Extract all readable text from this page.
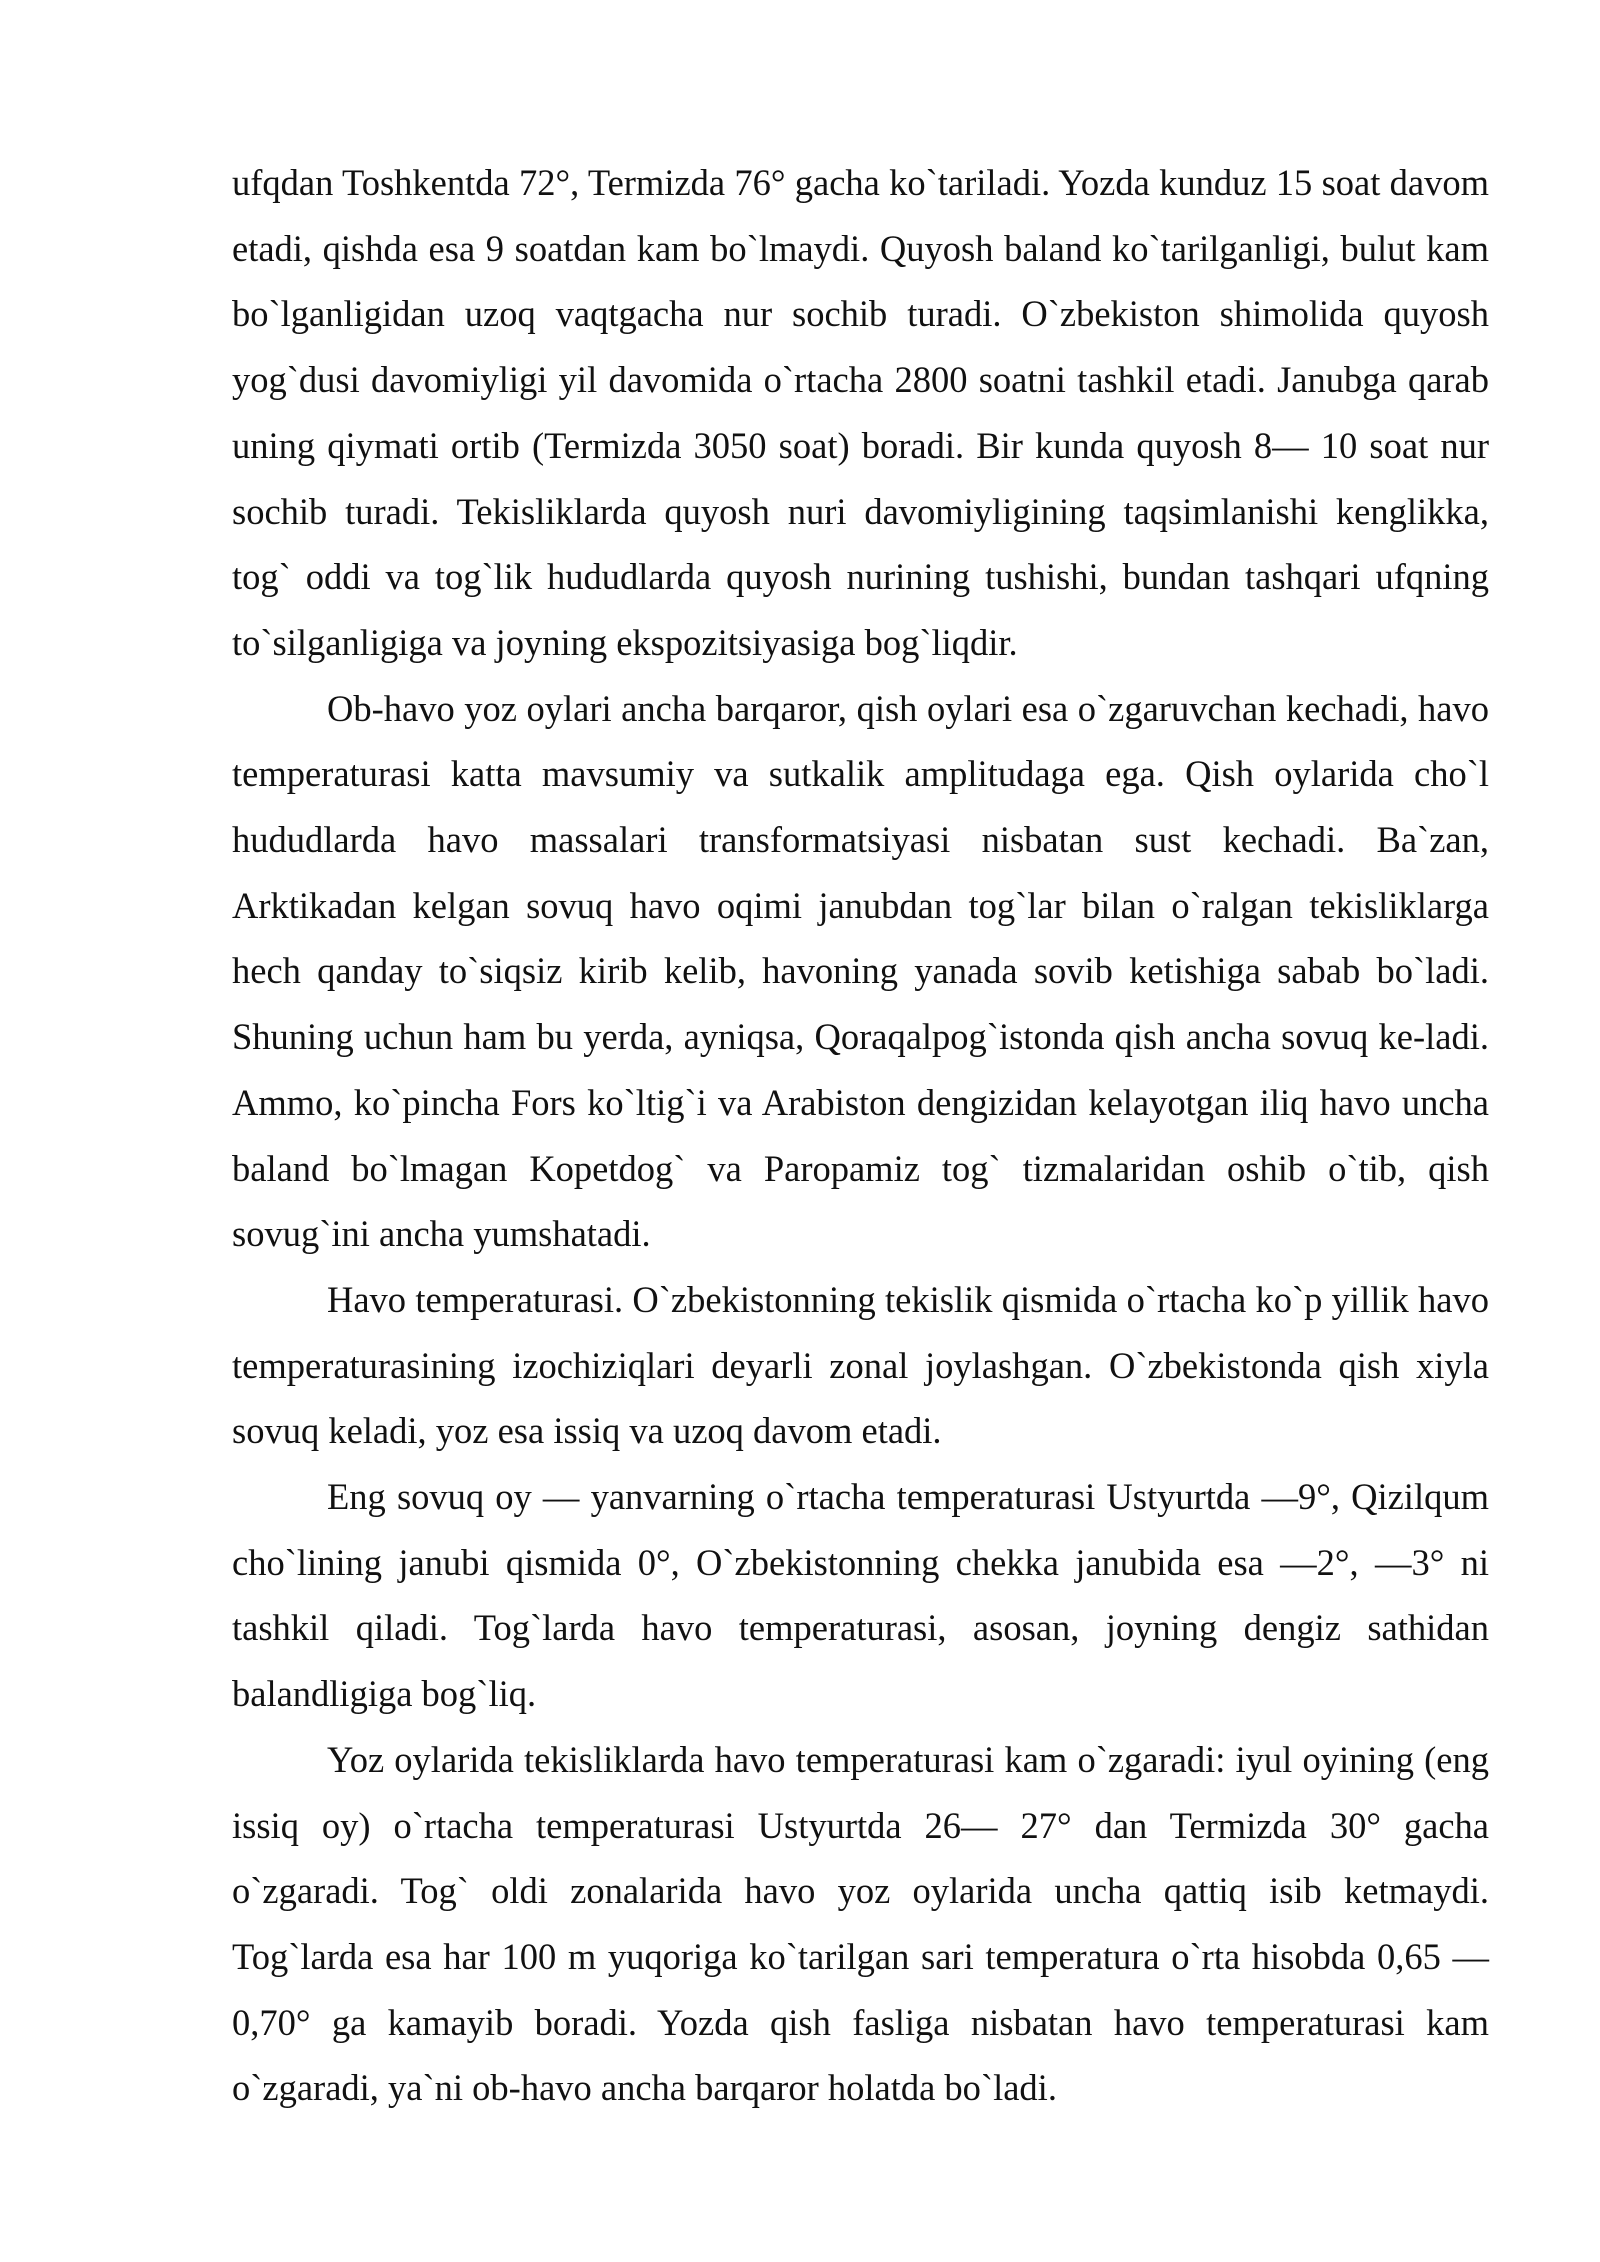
ufqdan Toshkentda 72°, Termizda 76° gacha ko`tariladi. Yozda kunduz 15 soat davom etadi, qishda esa 9 soatdan kam bo`lmaydi. Quyosh baland ko`tarilganligi, bulut kam bo`lganligidan uzoq vaqtgacha nur sochib turadi. O`zbekiston shimolida quyosh yog`dusi davomiyligi yil davomida o`rtacha 2800 soatni tashkil etadi. Janubga qarab uning qiymati ortib (Termizda 3050 soat) boradi. Bir kunda quyosh 8— 10 soat nur sochib turadi. Tekisliklarda quyosh nuri davomiyligining taqsimlanishi kenglikka, tog` oddi va tog`lik hududlarda quyosh nurining tushishi, bundan tashqari ufqning to`silganligiga va joyning ekspozitsiyasiga bog`liqdir.

Ob-havo yoz oylari ancha barqaror, qish oylari esa o`zgaruvchan kechadi, havo temperaturasi katta mavsumiy va sutkalik amplitudaga ega. Qish oylarida cho`l hududlarda havo massalari transformatsiyasi nisbatan sust kechadi. Ba`zan, Arktikadan kelgan sovuq havo oqimi janubdan tog`lar bilan o`ralgan tekisliklarga hech qanday to`siqsiz kirib kelib, havoning yanada sovib ketishiga sabab bo`ladi. Shuning uchun ham bu yerda, ayniqsa, Qoraqalpog`istonda qish ancha sovuq ke-ladi. Ammo, ko`pincha Fors ko`ltig`i va Arabiston dengizidan kelayotgan iliq havo uncha baland bo`lmagan Kopetdog` va Paropamiz tog` tizmalaridan oshib o`tib, qish sovug`ini ancha yumshatadi.

Havo temperaturasi. O`zbekistonning tekislik qismida o`rtacha ko`p yillik havo temperaturasining izochiziqlari deyarli zonal joylashgan. O`zbekistonda qish xiyla sovuq keladi, yoz esa issiq va uzoq davom etadi.

Eng sovuq oy — yanvarning o`rtacha temperaturasi Ustyurtda —9°, Qizilqum cho`lining janubi qismida 0°, O`zbekistonning chekka janubida esa —2°, —3° ni tashkil qiladi. Tog`larda havo temperaturasi, asosan, joyning dengiz sathidan balandligiga bog`liq.

Yoz oylarida tekisliklarda havo temperaturasi kam o`zgaradi: iyul oyining (eng issiq oy) o`rtacha temperaturasi Ustyurtda 26— 27° dan Termizda 30° gacha o`zgaradi. Tog` oldi zonalarida havo yoz oylarida uncha qattiq isib ketmaydi. Tog`larda esa har 100 m yuqoriga ko`tarilgan sari temperatura o`rta hisobda 0,65 — 0,70° ga kamayib boradi. Yozda qish fasliga nisbatan havo temperaturasi kam o`zgaradi, ya`ni ob-havo ancha barqaror holatda bo`ladi.
